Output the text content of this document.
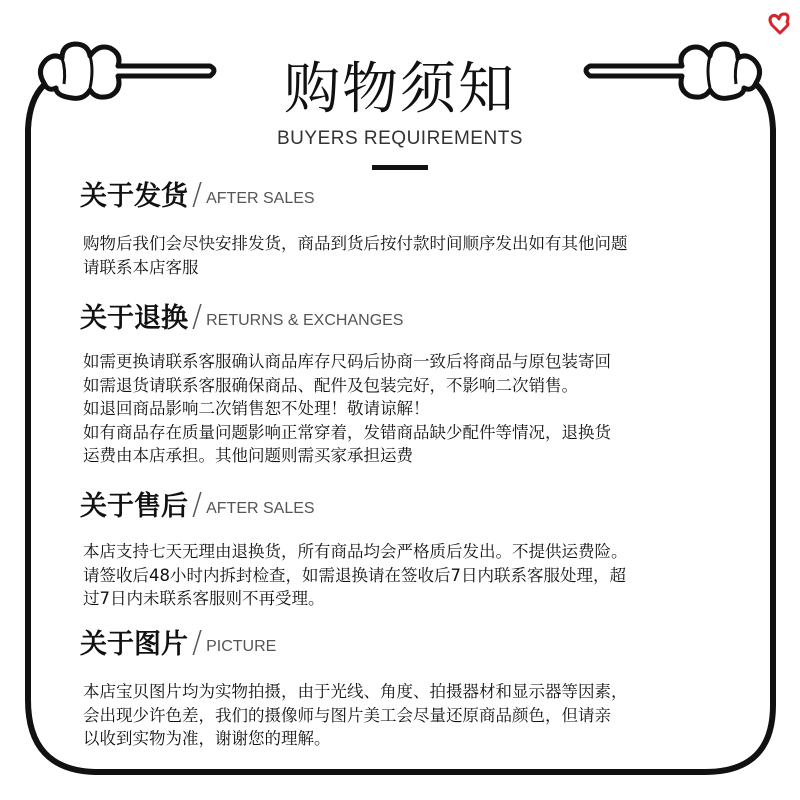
购物须知
BUYERS REQUIREMENTS
关于发货 / AFTER SALES
购物后我们会尽快安排发货，商品到货后按付款时间顺序发出如有其他问题
请联系本店客服
关于退换 / RETURNS & EXCHANGES
如需更换请联系客服确认商品库存尺码后协商一致后将商品与原包装寄回
如需退货请联系客服确保商品、配件及包装完好，不影响二次销售。
如退回商品影响二次销售恕不处理！敬请谅解！
如有商品存在质量问题影响正常穿着，发错商品缺少配件等情况，退换货
运费由本店承担。其他问题则需买家承担运费
关于售后 / AFTER SALES
本店支持七天无理由退换货，所有商品均会严格质后发出。不提供运费险。
请签收后48小时内拆封检查，如需退换请在签收后7日内联系客服处理，超
过7日内未联系客服则不再受理。
关于图片 / PICTURE
本店宝贝图片均为实物拍摄，由于光线、角度、拍摄器材和显示器等因素，
会出现少许色差，我们的摄像师与图片美工会尽量还原商品颜色，但请亲
以收到实物为准，谢谢您的理解。
